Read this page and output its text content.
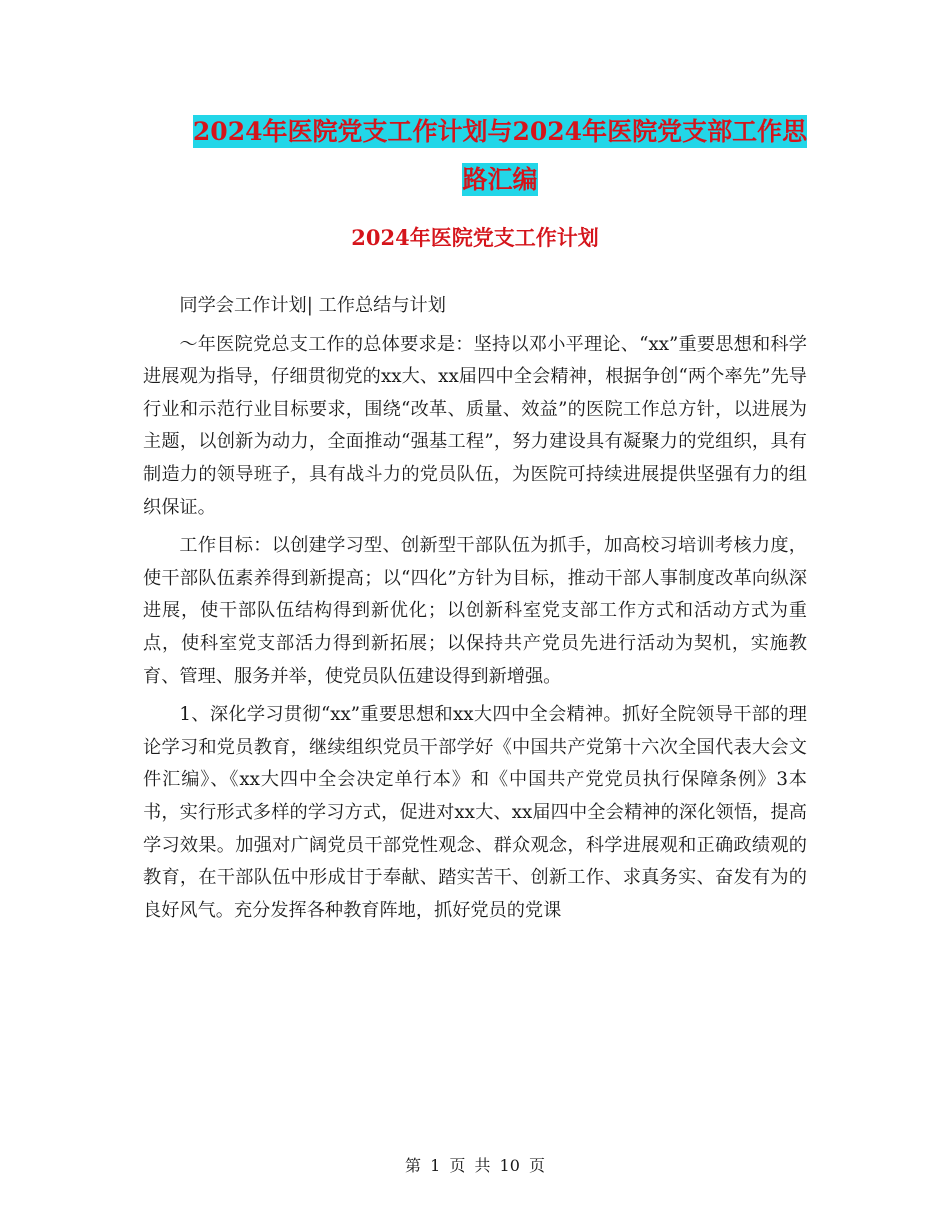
2024年医院党支工作计划与2024年医院党支部工作思
路汇编
2024年医院党支工作计划

同学会工作计划| 工作总结与计划

～年医院党总支工作的总体要求是：坚持以邓小平理论、“xx”重要思想和科学进展观为指导，仔细贯彻党的xx大、xx届四中全会精神，根据争创“两个率先”先导行业和示范行业目标要求，围绕“改革、质量、效益”的医院工作总方针，以进展为主题，以创新为动力，全面推动“强基工程”，努力建设具有凝聚力的党组织，具有制造力的领导班子，具有战斗力的党员队伍，为医院可持续进展提供坚强有力的组织保证。

工作目标：以创建学习型、创新型干部队伍为抓手，加高校习培训考核力度，使干部队伍素养得到新提高；以“四化”方针为目标，推动干部人事制度改革向纵深进展，使干部队伍结构得到新优化；以创新科室党支部工作方式和活动方式为重点，使科室党支部活力得到新拓展；以保持共产党员先进行活动为契机，实施教育、管理、服务并举，使党员队伍建设得到新增强。

1、深化学习贯彻“xx”重要思想和xx大四中全会精神。抓好全院领导干部的理论学习和党员教育，继续组织党员干部学好《中国共产党第十六次全国代表大会文件汇编》、《xx大四中全会决定单行本》和《中国共产党党员执行保障条例》3本书，实行形式多样的学习方式，促进对xx大、xx届四中全会精神的深化领悟，提高学习效果。加强对广阔党员干部党性观念、群众观念，科学进展观和正确政绩观的教育，在干部队伍中形成甘于奉献、踏实苦干、创新工作、求真务实、奋发有为的良好风气。充分发挥各种教育阵地，抓好党员的党课

第 1 页 共 10 页
